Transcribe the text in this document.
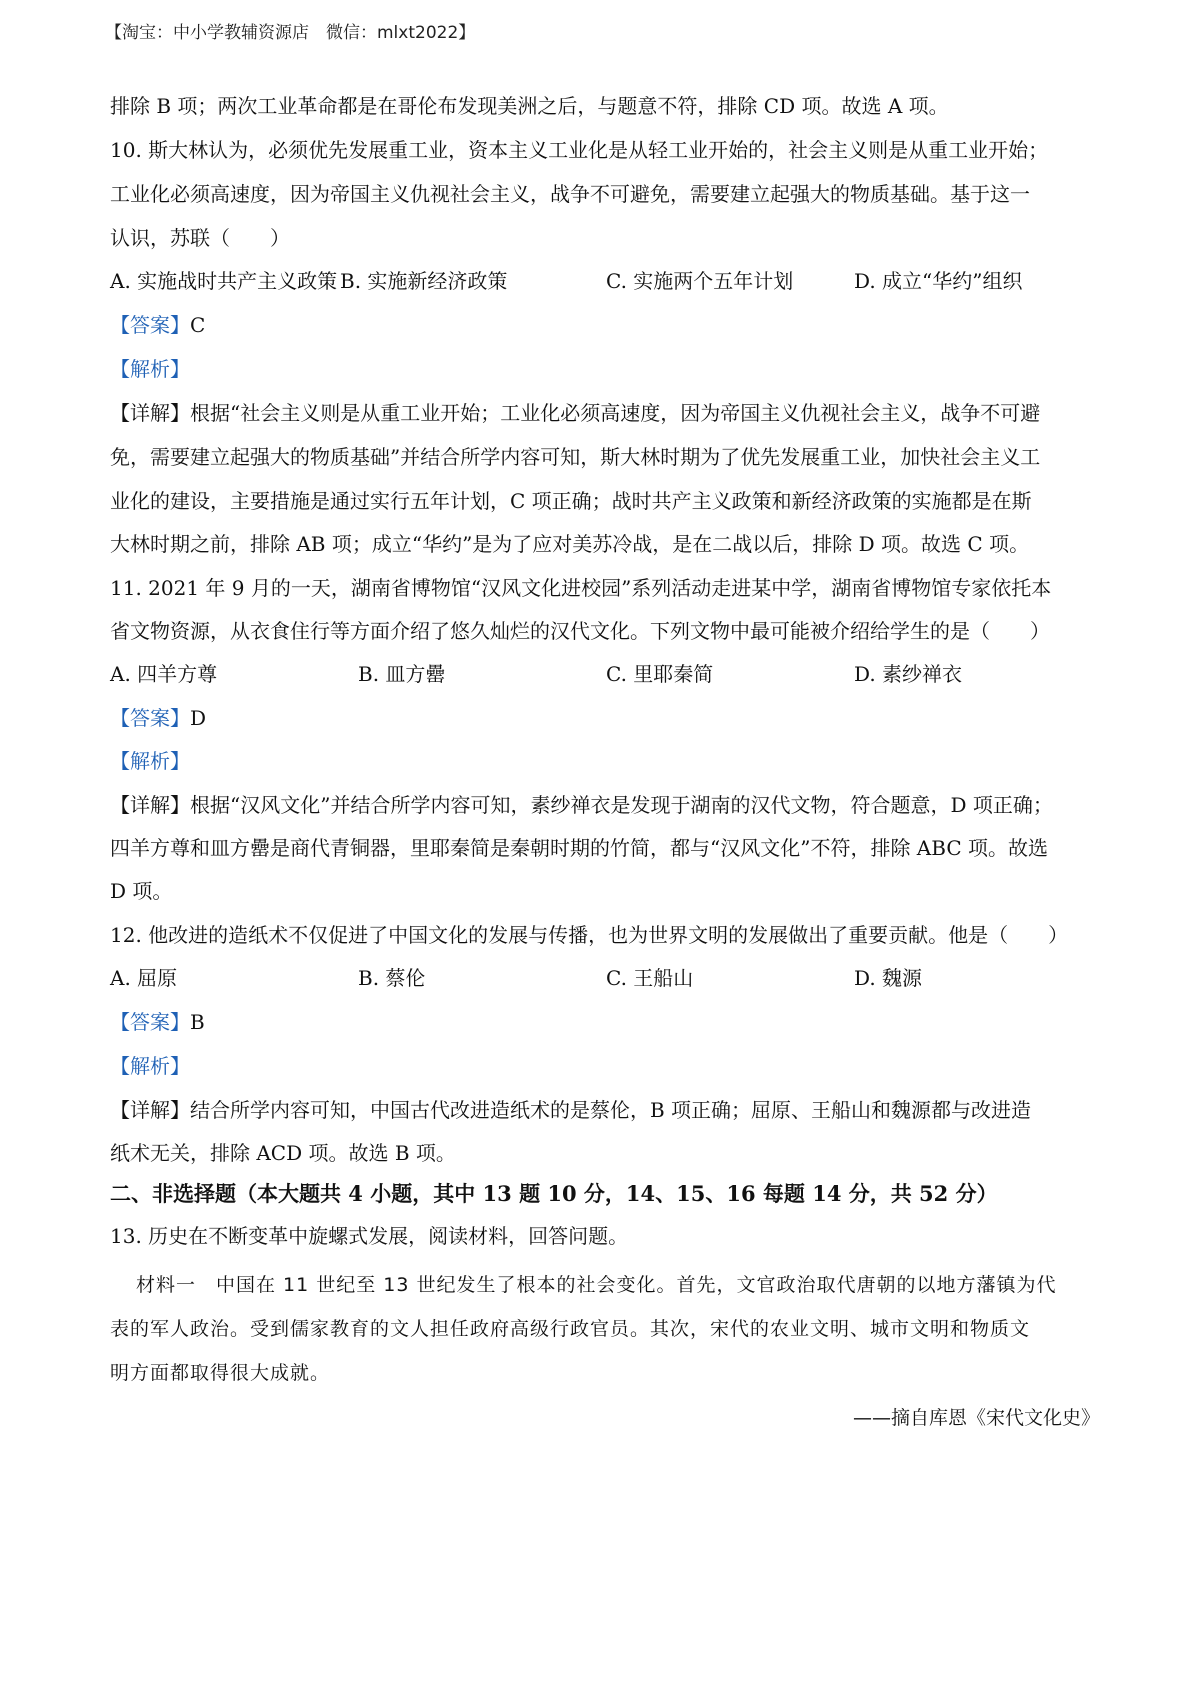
【淘宝：中小学教辅资源店　微信：mlxt2022】
排除 B 项；两次工业革命都是在哥伦布发现美洲之后，与题意不符，排除 CD 项。故选 A 项。
10. 斯大林认为，必须优先发展重工业，资本主义工业化是从轻工业开始的，社会主义则是从重工业开始；
工业化必须高速度，因为帝国主义仇视社会主义，战争不可避免，需要建立起强大的物质基础。基于这一
认识，苏联（　　）
A. 实施战时共产主义政策 B. 实施新经济政策	C. 实施两个五年计划	D. 成立“华约”组织
【答案】C
【解析】
【详解】根据“社会主义则是从重工业开始；工业化必须高速度，因为帝国主义仇视社会主义，战争不可避
免，需要建立起强大的物质基础”并结合所学内容可知，斯大林时期为了优先发展重工业，加快社会主义工
业化的建设，主要措施是通过实行五年计划，C 项正确；战时共产主义政策和新经济政策的实施都是在斯
大林时期之前，排除 AB 项；成立“华约”是为了应对美苏冷战，是在二战以后，排除 D 项。故选 C 项。
11. 2021 年 9 月的一天，湖南省博物馆“汉风文化进校园”系列活动走进某中学，湖南省博物馆专家依托本
省文物资源，从衣食住行等方面介绍了悠久灿烂的汉代文化。下列文物中最可能被介绍给学生的是（　　）
A. 四羊方尊	B. 皿方罍	C. 里耶秦简	D. 素纱禅衣
【答案】D
【解析】
【详解】根据“汉风文化”并结合所学内容可知，素纱禅衣是发现于湖南的汉代文物，符合题意，D 项正确；
四羊方尊和皿方罍是商代青铜器，里耶秦简是秦朝时期的竹简，都与“汉风文化”不符，排除 ABC 项。故选
D 项。
12. 他改进的造纸术不仅促进了中国文化的发展与传播，也为世界文明的发展做出了重要贡献。他是（　　）
A. 屈原	B. 蔡伦	C. 王船山	D. 魏源
【答案】B
【解析】
【详解】结合所学内容可知，中国古代改进造纸术的是蔡伦，B 项正确；屈原、王船山和魏源都与改进造
纸术无关，排除 ACD 项。故选 B 项。
二、非选择题（本大题共 4 小题，其中 13 题 10 分，14、15、16 每题 14 分，共 52 分）
13. 历史在不断变革中旋螺式发展，阅读材料，回答问题。
材料一　中国在 11 世纪至 13 世纪发生了根本的社会变化。首先，文官政治取代唐朝的以地方藩镇为代
表的军人政治。受到儒家教育的文人担任政府高级行政官员。其次，宋代的农业文明、城市文明和物质文
明方面都取得很大成就。
——摘自库恩《宋代文化史》
